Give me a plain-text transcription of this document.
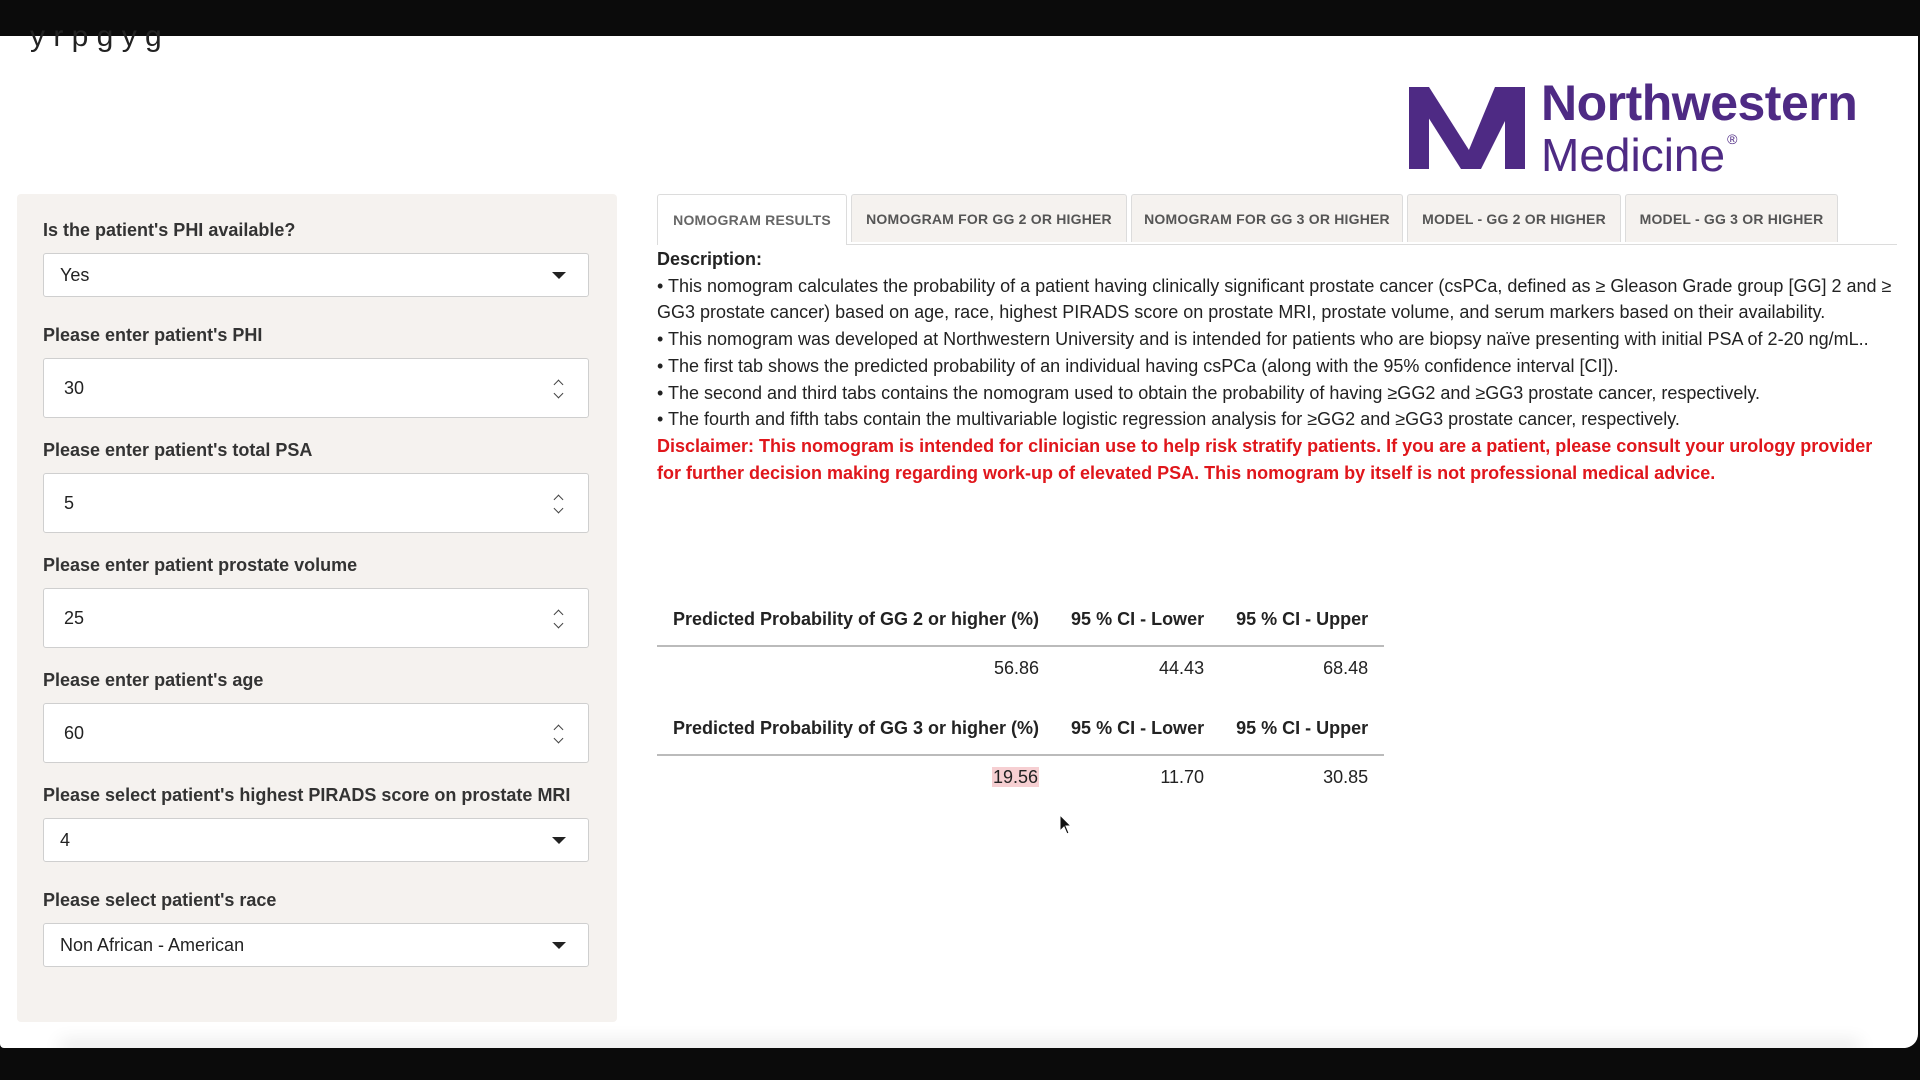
y r p g y g
Northwestern
Medicine ®
Is the patient's PHI available?
Yes
Please enter patient's PHI
30
Please enter patient's total PSA
5
Please enter patient prostate volume
25
Please enter patient's age
60
Please select patient's highest PIRADS score on prostate MRI
4
Please select patient's race
Non African - American
NOMOGRAM RESULTS	NOMOGRAM FOR GG 2 OR HIGHER	NOMOGRAM FOR GG 3 OR HIGHER	MODEL - GG 2 OR HIGHER	MODEL - GG 3 OR HIGHER
Description:
• This nomogram calculates the probability of a patient having clinically significant prostate cancer (csPCa, defined as ≥ Gleason Grade group [GG] 2 and ≥ GG3 prostate cancer) based on age, race, highest PIRADS score on prostate MRI, prostate volume, and serum markers based on their availability.
• This nomogram was developed at Northwestern University and is intended for patients who are biopsy naïve presenting with initial PSA of 2-20 ng/mL..
• The first tab shows the predicted probability of an individual having csPCa (along with the 95% confidence interval [CI]).
• The second and third tabs contains the nomogram used to obtain the probability of having ≥GG2 and ≥GG3 prostate cancer, respectively.
• The fourth and fifth tabs contain the multivariable logistic regression analysis for ≥GG2 and ≥GG3 prostate cancer, respectively.
Disclaimer: This nomogram is intended for clinician use to help risk stratify patients. If you are a patient, please consult your urology provider for further decision making regarding work-up of elevated PSA. This nomogram by itself is not professional medical advice.
Predicted Probability of GG 2 or higher (%)	95 % CI - Lower	95 % CI - Upper
56.86	44.43	68.48
Predicted Probability of GG 3 or higher (%)	95 % CI - Lower	95 % CI - Upper
19.56	11.70	30.85
